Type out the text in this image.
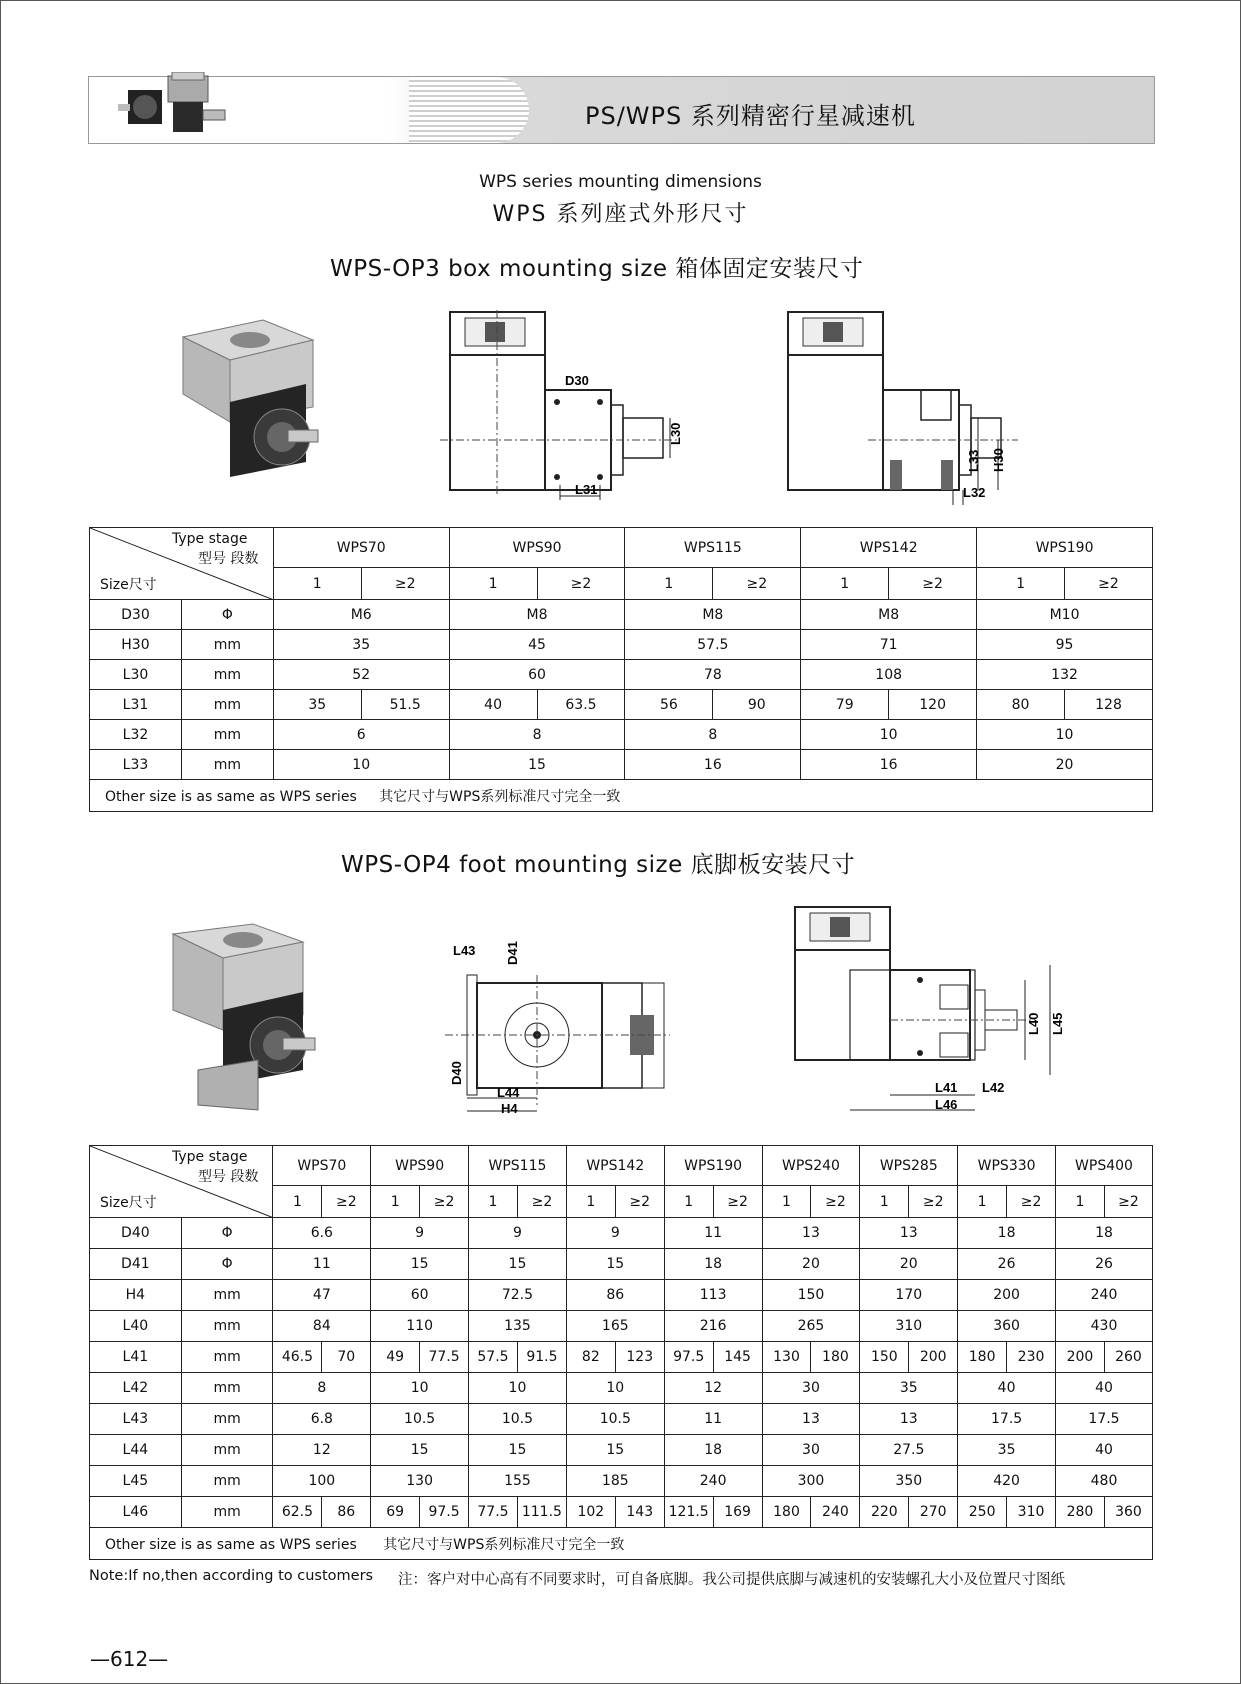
PS/WPS 系列精密行星减速机
WPS series mounting dimensions
WPS 系列座式外形尺寸
WPS-OP3 box mounting size 箱体固定安装尺寸
D30
L30
L31
L33 H30
L32
Type stage
型号 段数
Size尺寸		WPS70		WPS90		WPS115		WPS142		WPS190	
		1	≥2	1	≥2	1	≥2	1	≥2	1	≥2
D30	Φ	M6		M8		M8		M8		M10	
H30	mm	35		45		57.5		71		95	
L30	mm	52		60		78		108		132	
L31	mm	35	51.5	40	63.5	56	90	79	120	80	128
L32	mm	6		8		8		10		10	
L33	mm	10		15		16		16		20	
Other size is as same as WPS series 其它尺寸与WPS系列标准尺寸完全一致											
WPS-OP4 foot mounting size 底脚板安装尺寸
L43 D41
D40
L44
H4
L40 L45
L41 L42
L46
Type stage
型号 段数
Size尺寸		WPS70		WPS90		WPS115		WPS142		WPS190		WPS240		WPS285		WPS330		WPS400	
		1	≥2	1	≥2	1	≥2	1	≥2	1	≥2	1	≥2	1	≥2	1	≥2	1	≥2
D40	Φ	6.6		9		9		9		11		13		13		18		18	
D41	Φ	11		15		15		15		18		20		20		26		26	
H4	mm	47		60		72.5		86		113		150		170		200		240	
L40	mm	84		110		135		165		216		265		310		360		430	
L41	mm	46.5	70	49	77.5	57.5	91.5	82	123	97.5	145	130	180	150	200	180	230	200	260
L42	mm	8		10		10		10		12		30		35		40		40	
L43	mm	6.8		10.5		10.5		10.5		11		13		13		17.5		17.5	
L44	mm	12		15		15		15		18		30		27.5		35		40	
L45	mm	100		130		155		185		240		300		350		420		480	
L46	mm	62.5	86	69	97.5	77.5	111.5	102	143	121.5	169	180	240	220	270	250	310	280	360
Other size is as same as WPS series 其它尺寸与WPS系列标准尺寸完全一致																			
Note:If no,then according to customers 注：客户对中心高有不同要求时，可自备底脚。我公司提供底脚与减速机的安装螺孔大小及位置尺寸图纸
—612—
